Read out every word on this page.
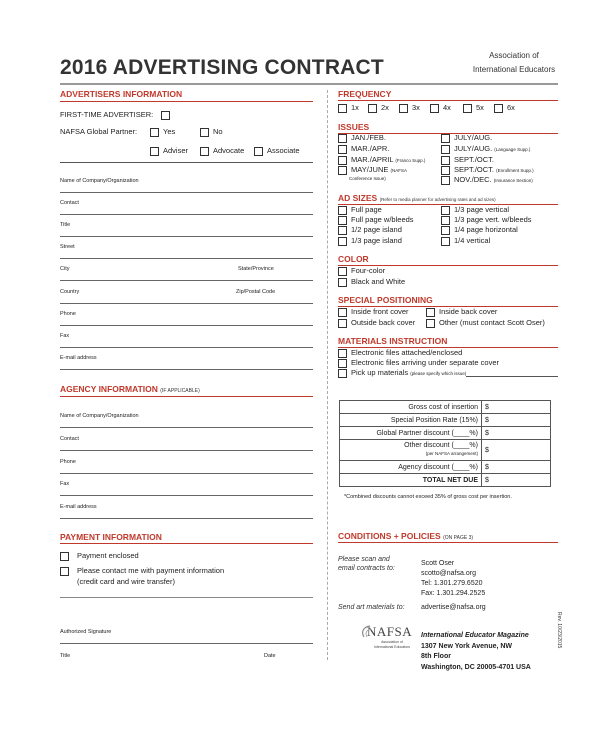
2016 ADVERTISING CONTRACT
Association of
International Educators
ADVERTISERS INFORMATION
FIRST-TIME ADVERTISER:
NAFSA Global Partner:	Yes	No
Adviser	Advocate	Associate
Name of Company/Organization
Contact
Title
Street
City	State/Province
Country	Zip/Postal Code
Phone
Fax
E-mail address
AGENCY INFORMATION (IF APPLICABLE)
Name of Company/Organization
Contact
Phone
Fax
E-mail address
PAYMENT INFORMATION
Payment enclosed
Please contact me with payment information
(credit card and wire transfer)
Authorized Signature
Title	Date
FREQUENCY
1x	2x	3x	4x	5x	6x
ISSUES
JAN./FEB.
MAR./APR.
MAR./APRIL (Franco Supp.)
MAY/JUNE (NAFSA
Conference Issue)
JULY/AUG.
JULY/AUG. (Language Supp.)
SEPT./OCT.
SEPT./OCT. (Enrollment Supp.)
NOV./DEC. (Insurance Section)
AD SIZES (Refer to media planner for advertising rates and ad sizes)
Full page
Full page w/bleeds
1/2 page island
1/3 page island
1/3 page vertical
1/3 page vert. w/bleeds
1/4 page horizontal
1/4 vertical
COLOR
Four-color
Black and White
SPECIAL POSITIONING
Inside front cover
Outside back cover
Inside back cover
Other (must contact Scott Oser)
MATERIALS INSTRUCTION
Electronic files attached/enclosed
Electronic files arriving under separate cover
Pick up materials (please specify which issue)
Gross cost of insertion	$
Special Position Rate (15%)	$
Global Partner discount (____%)	$

Other discount (____%)
(per NAFSA arrangement)	$
Agency discount (____%)	$
TOTAL NET DUE	$
*Combined discounts cannot exceed 35% of gross cost per insertion.
CONDITIONS + POLICIES (ON PAGE 3)
Please scan and
email contracts to:
Scott Oser
scotto@nafsa.org
Tel: 1.301.279.6520
Fax: 1.301.294.2525
Send art materials to: advertise@nafsa.org
NAFSA
Association of
International Educators
International Educator Magazine
1307 New York Avenue, NW
8th Floor
Washington, DC 20005-4701 USA
Rev. 10/23/2015
